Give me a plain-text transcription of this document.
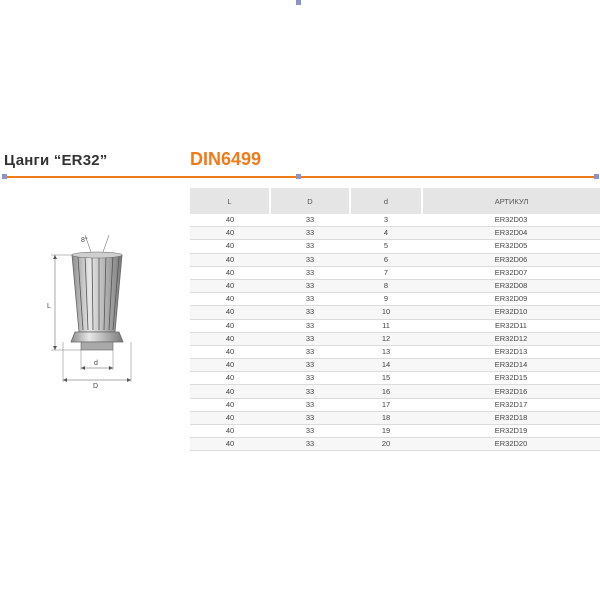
Цанги “ER32”	DIN6499
8°
L
d
D
L	D	d	АРТИКУЛ
40	33	3	ER32D03
40	33	4	ER32D04
40	33	5	ER32D05
40	33	6	ER32D06
40	33	7	ER32D07
40	33	8	ER32D08
40	33	9	ER32D09
40	33	10	ER32D10
40	33	11	ER32D11
40	33	12	ER32D12
40	33	13	ER32D13
40	33	14	ER32D14
40	33	15	ER32D15
40	33	16	ER32D16
40	33	17	ER32D17
40	33	18	ER32D18
40	33	19	ER32D19
40	33	20	ER32D20
